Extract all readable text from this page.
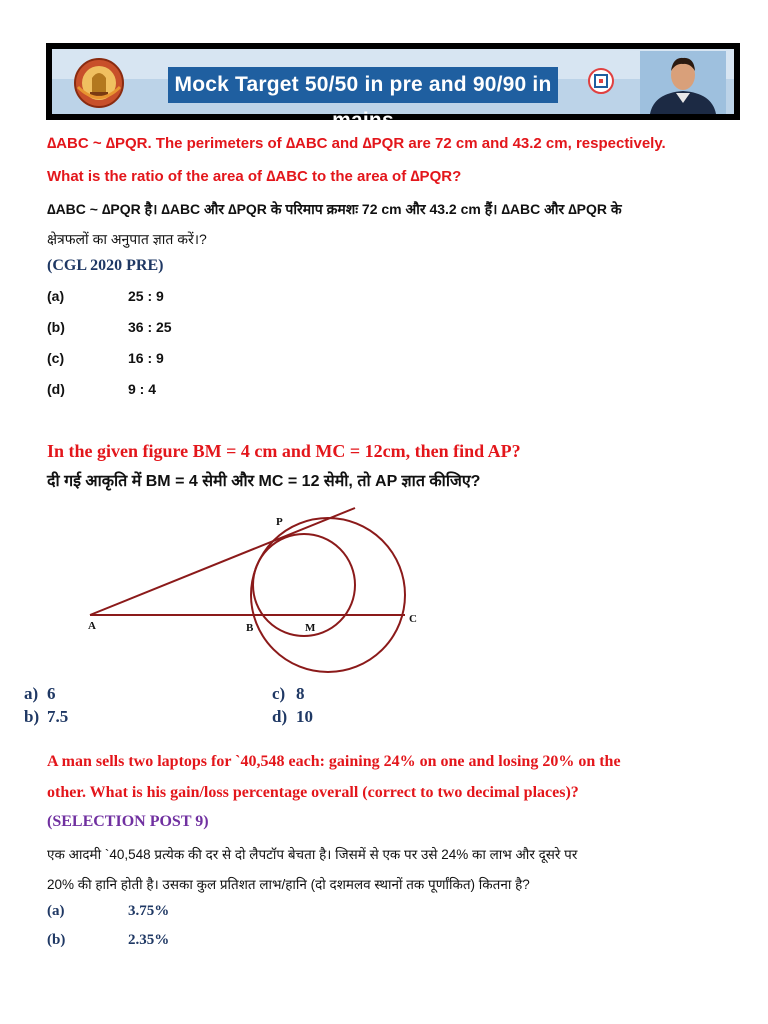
Mock Target 50/50 in pre and 90/90 in mains
∆ABC ~ ∆PQR. The perimeters of ∆ABC and ∆PQR are 72 cm and 43.2 cm, respectively.
What is the ratio of the area of ∆ABC to the area of ∆PQR?
∆ABC ~ ∆PQR है। ∆ABC और ∆PQR के परिमाप क्रमशः 72 cm और 43.2 cm हैं। ∆ABC और ∆PQR के
क्षेत्रफलों का अनुपात ज्ञात करें।?
(CGL 2020 PRE)
(a)	25 : 9
(b)	36 : 25
(c)	16 : 9
(d)	9 : 4
In the given figure BM = 4 cm and MC = 12cm, then find AP?
दी गई आकृति में BM = 4 सेमी और MC = 12 सेमी, तो AP ज्ञात कीजिए?
P
A	B	M
C
a) 6
b) 7.5
c) 8
d) 10
A man sells two laptops for `40,548 each: gaining 24% on one and losing 20% on the
other. What is his gain/loss percentage overall (correct to two decimal places)?
(SELECTION POST 9)
एक आदमी `40,548 प्रत्येक की दर से दो लैपटॉप बेचता है। जिसमें से एक पर उसे 24% का लाभ और दूसरे पर
20% की हानि होती है। उसका कुल प्रतिशत लाभ/हानि (दो दशमलव स्थानों तक पूर्णांकित) कितना है?
(a)	3.75%
(b)	2.35%
